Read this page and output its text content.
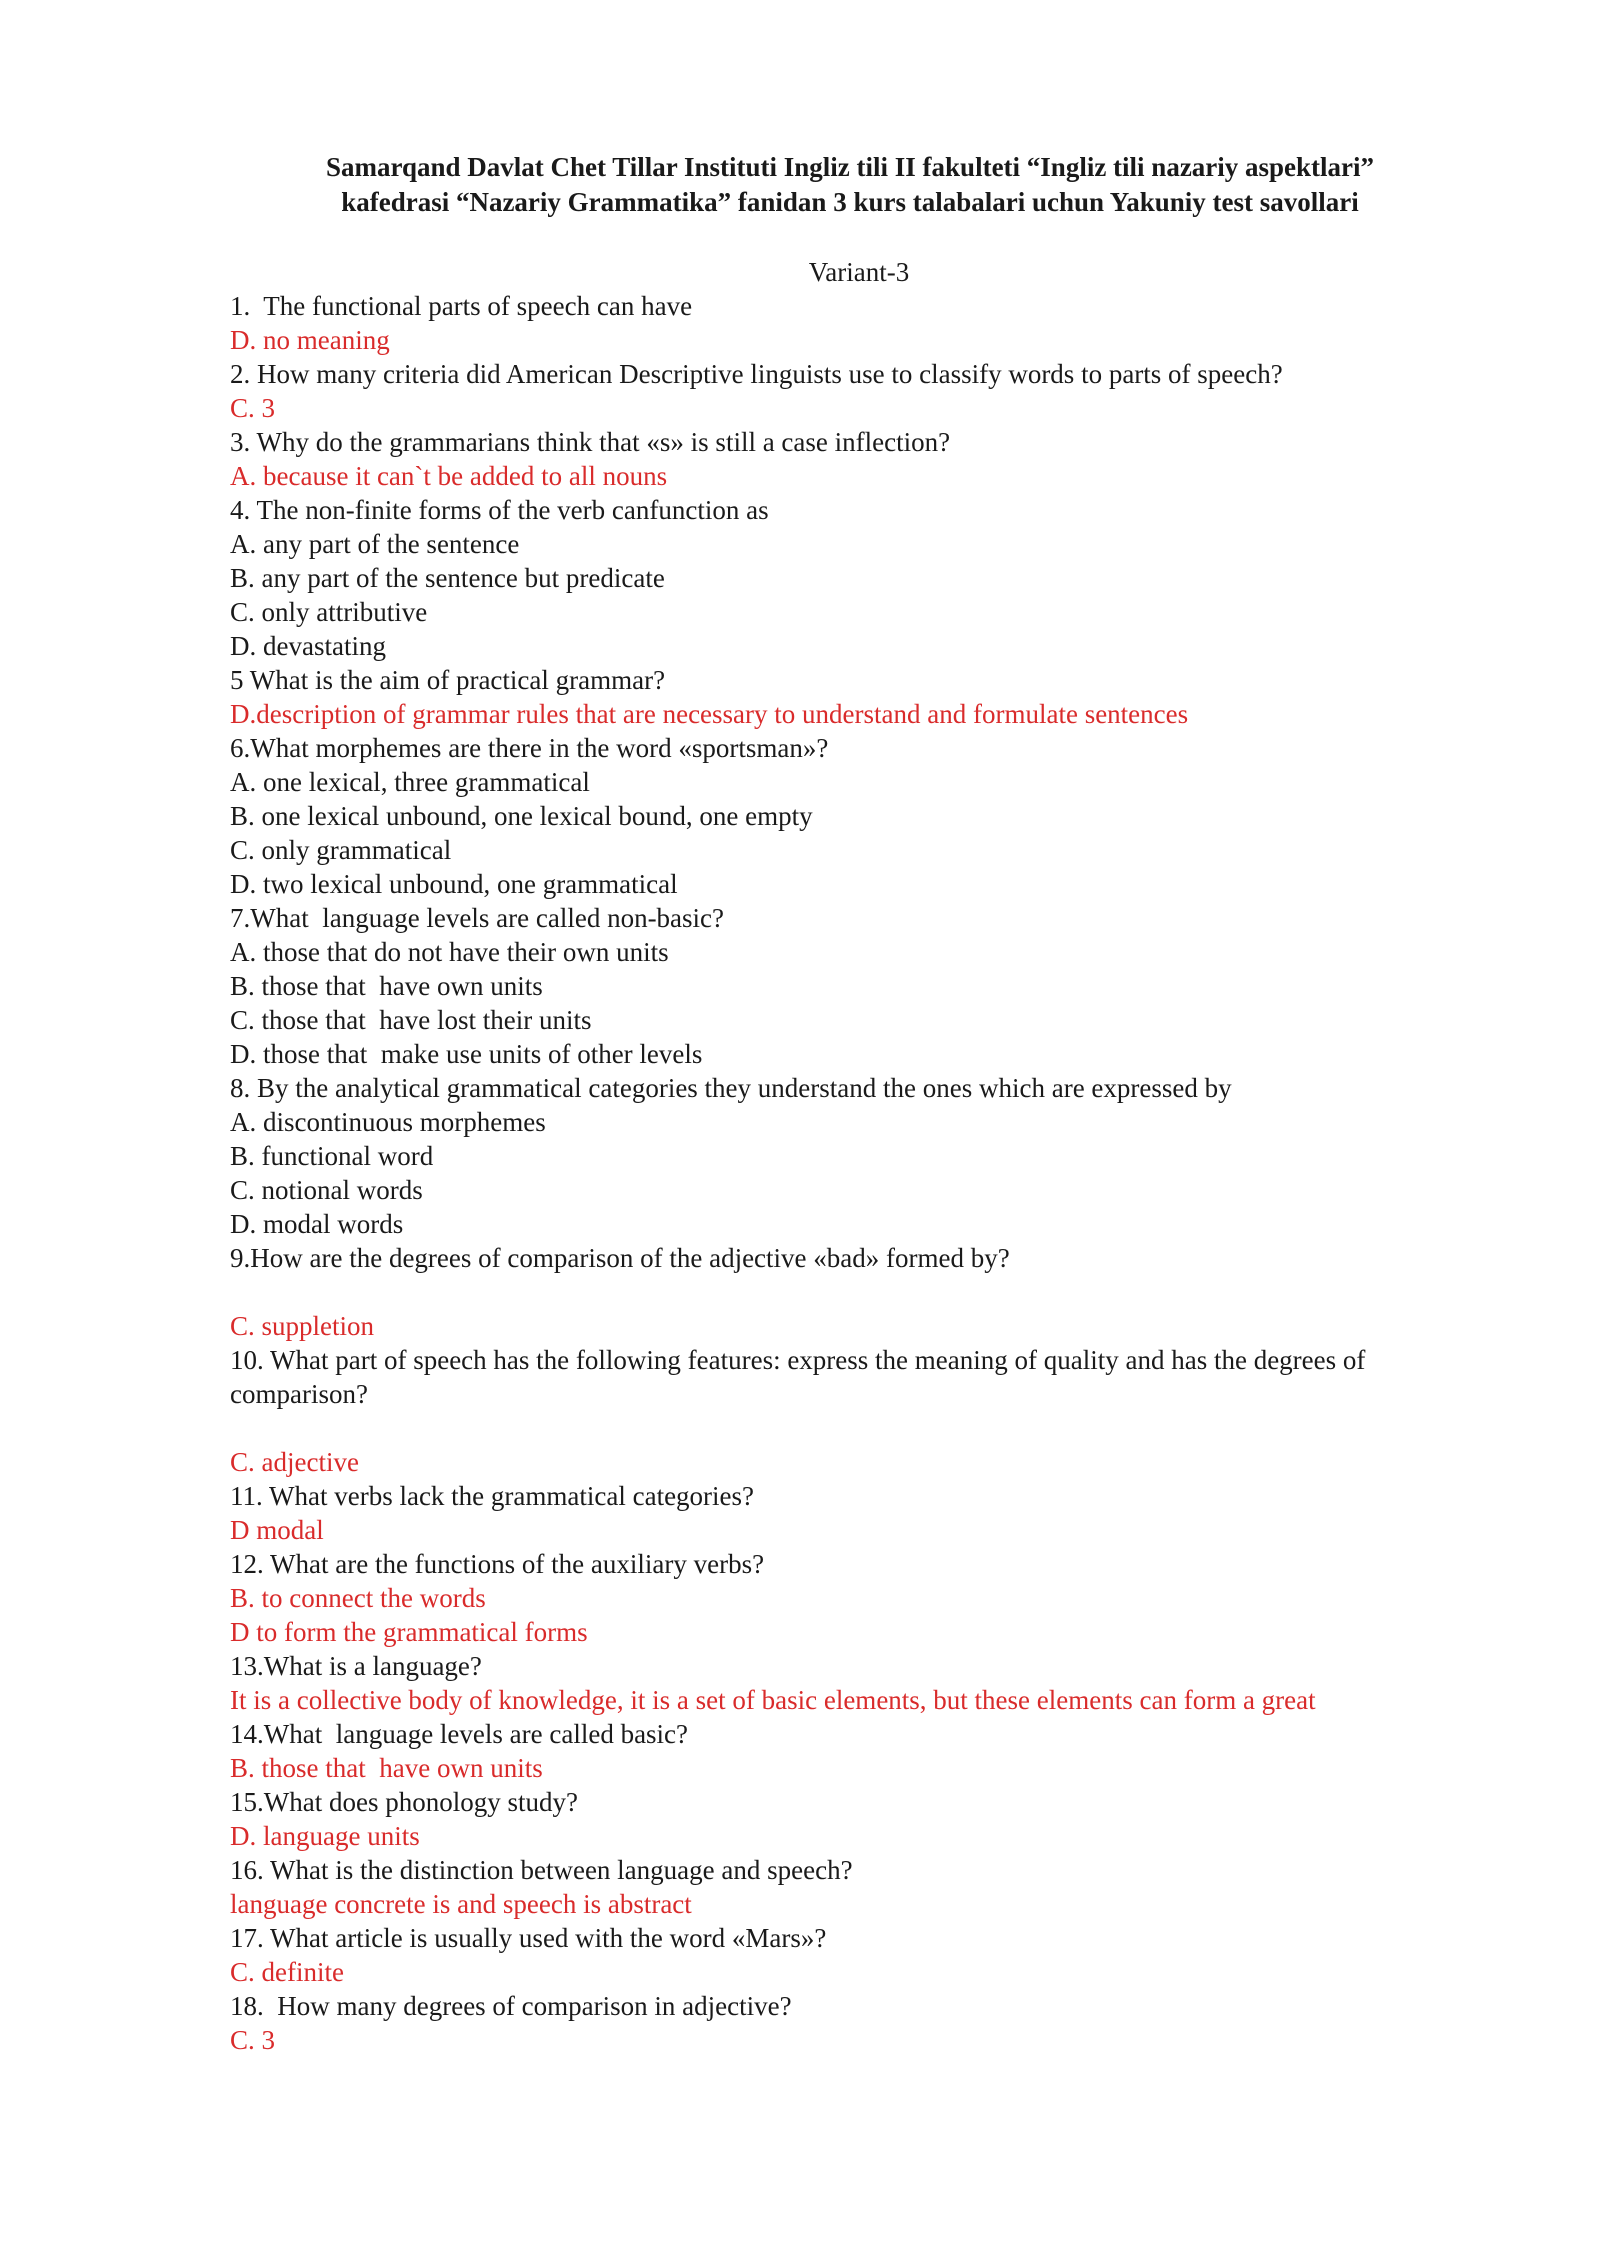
Samarqand Davlat Chet Tillar Instituti Ingliz tili II fakulteti “Ingliz tili nazariy aspektlari”
kafedrasi “Nazariy Grammatika” fanidan 3 kurs talabalari uchun Yakuniy test savollari
Variant-3
1.  The functional parts of speech can have
D. no meaning
2. How many criteria did American Descriptive linguists use to classify words to parts of speech?
C. 3
3. Why do the grammarians think that «s» is still a case inflection?
A. because it can`t be added to all nouns
4. The non-finite forms of the verb canfunction as
A. any part of the sentence
B. any part of the sentence but predicate
C. only attributive
D. devastating
5 What is the aim of practical grammar?
D.description of grammar rules that are necessary to understand and formulate sentences
6.What morphemes are there in the word «sportsman»?
A. one lexical, three grammatical
B. one lexical unbound, one lexical bound, one empty
C. only grammatical
D. two lexical unbound, one grammatical
7.What  language levels are called non-basic?
A. those that do not have their own units
B. those that  have own units
C. those that  have lost their units
D. those that  make use units of other levels
8. By the analytical grammatical categories they understand the ones which are expressed by
A. discontinuous morphemes
B. functional word
C. notional words
D. modal words
9.How are the degrees of comparison of the adjective «bad» formed by?
C. suppletion
10. What part of speech has the following features: express the meaning of quality and has the degrees of
comparison?
C. adjective
11. What verbs lack the grammatical categories?
D modal
12. What are the functions of the auxiliary verbs?
B. to connect the words
D to form the grammatical forms
13.What is a language?
It is a collective body of knowledge, it is a set of basic elements, but these elements can form a great
14.What  language levels are called basic?
B. those that  have own units
15.What does phonology study?
D. language units
16. What is the distinction between language and speech?
language concrete is and speech is abstract
17. What article is usually used with the word «Mars»?
C. definite
18.  How many degrees of comparison in adjective?
C. 3
